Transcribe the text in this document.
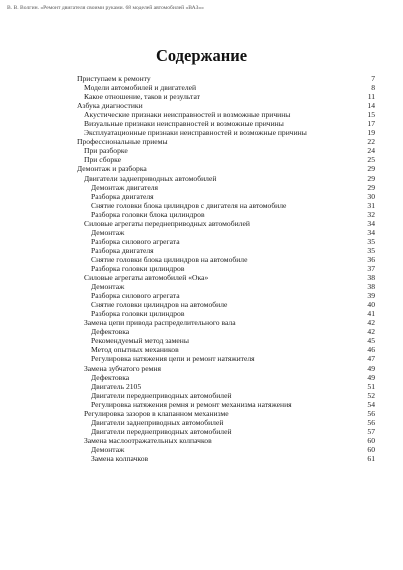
В. В. Волгин. «Ремонт двигателя своими руками. 68 моделей автомобилей «ВАЗ»»
Содержание
Приступаем к ремонту	7
Модели автомобилей и двигателей	8
Какое отношение, таков и результат	11
Азбука диагностики	14
Акустические признаки неисправностей и возможные причины	15
Визуальные признаки неисправностей и возможные причины	17
Эксплуатационные признаки неисправностей и возможные причины	19
Профессиональные приемы	22
При разборке	24
При сборке	25
Демонтаж и разборка	29
Двигатели заднеприводных автомобилей	29
Демонтаж двигателя	29
Разборка двигателя	30
Снятие головки блока цилиндров с двигателя на автомобиле	31
Разборка головки блока цилиндров	32
Силовые агрегаты переднеприводных автомобилей	34
Демонтаж	34
Разборка силового агрегата	35
Разборка двигателя	35
Снятие головки блока цилиндров на автомобиле	36
Разборка головки цилиндров	37
Силовые агрегаты автомобилей «Ока»	38
Демонтаж	38
Разборка силового агрегата	39
Снятие головки цилиндров на автомобиле	40
Разборка головки цилиндров	41
Замена цепи привода распределительного вала	42
Дефектовка	42
Рекомендуемый метод замены	45
Метод опытных механиков	46
Регулировка натяжения цепи и ремонт натяжителя	47
Замена зубчатого ремня	49
Дефектовка	49
Двигатель 2105	51
Двигатели переднеприводных автомобилей	52
Регулировка натяжения ремня и ремонт механизма натяжения	54
Регулировка зазоров в клапанном механизме	56
Двигатели заднеприводных автомобилей	56
Двигатели переднеприводных автомобилей	57
Замена маслоотражательных колпачков	60
Демонтаж	60
Замена колпачков	61
